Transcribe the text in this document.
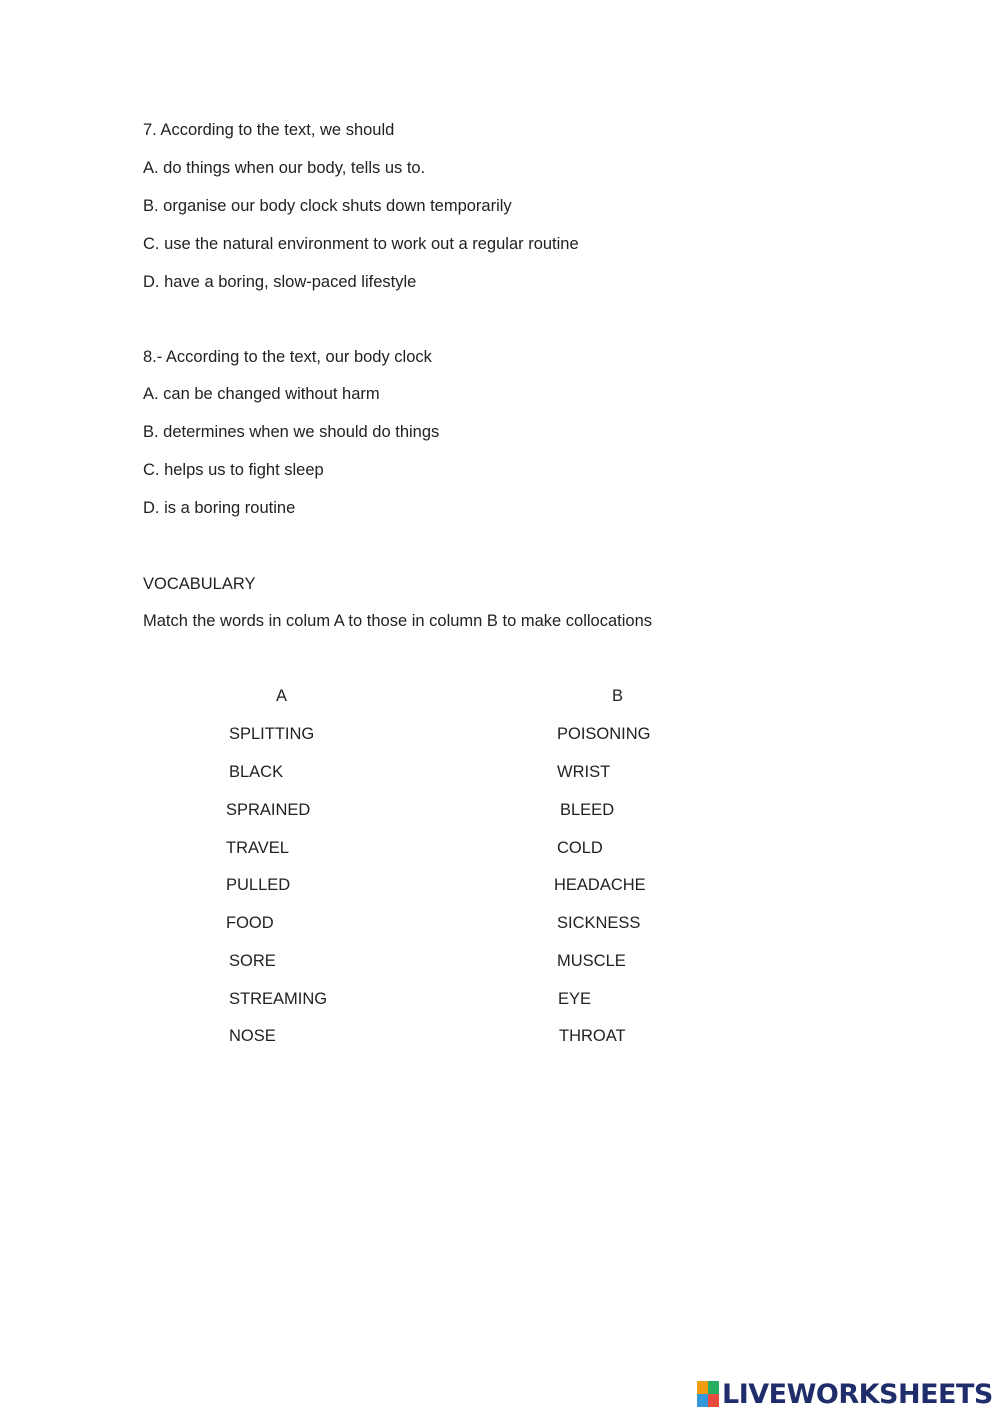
7. According to the text, we should
A. do things when our body, tells us to.
B. organise our body clock shuts down temporarily
C. use the natural environment to work out a regular routine
D. have a boring, slow-paced lifestyle
8.- According to the text, our body clock
A. can be changed without harm
B. determines when we should do things
C. helps us to fight sleep
D. is a boring routine
VOCABULARY
Match the words in colum A to those in column B to make collocations
A	B
SPLITTING
BLACK
SPRAINED
TRAVEL
PULLED
FOOD
SORE
STREAMING
NOSE
POISONING
WRIST
BLEED
COLD
HEADACHE
SICKNESS
MUSCLE
EYE
THROAT
LIVEWORKSHEETS
